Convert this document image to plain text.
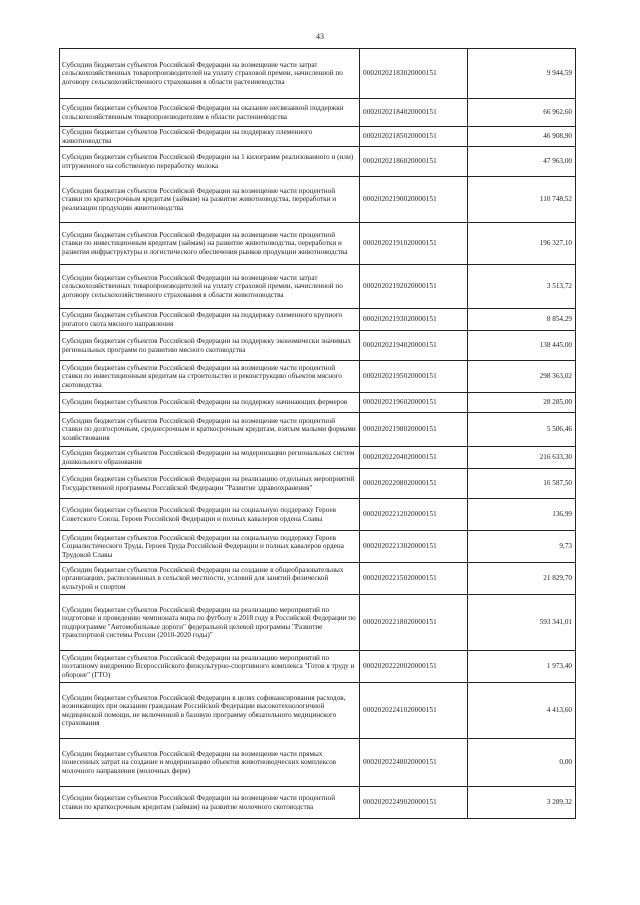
43
Субсидии бюджетам субъектов Российской Федерации на возмещение части затрат сельскохозяйственных товаропроизводителей на уплату страховой премии, начисленной по договору сельскохозяйственного страхования в области растениеводства	00020202183020000151	9 944,59
Субсидии бюджетам субъектов Российской Федерации на оказание несвязанной поддержки сельскохозяйственным товаропроизводителям в области растениеводства	00020202184020000151	66 962,60
Субсидии бюджетам субъектов Российской Федерации на поддержку племенного животноводства	00020202185020000151	46 908,90
Субсидии бюджетам субъектов Российской Федерации на 1 килограмм реализованного и (или) отгруженного на собственную переработку молока	00020202186020000151	47 963,00
Субсидии бюджетам субъектов Российской Федерации на возмещение части процентной ставки по краткосрочным кредитам (займам) на развитие животноводства, переработки и реализации продукции животноводства	00020202190020000151	110 748,52
Субсидии бюджетам субъектов Российской Федерации на возмещение части процентной ставки по инвестиционным кредитам (займам) на развитие животноводства, переработки и развития инфраструктуры и логистического обеспечения рынков продукции животноводства	00020202191020000151	196 327,10
Субсидии бюджетам субъектов Российской Федерации на возмещение части затрат сельскохозяйственных товаропроизводителей на уплату страховой премии, начисленной по договору сельскохозяйственного страхования в области животноводства	00020202192020000151	3 513,72
Субсидии бюджетам субъектов Российской Федерации на поддержку племенного крупного рогатого скота мясного направления	00020202193020000151	8 854,29
Субсидии бюджетам субъектов Российской Федерации на поддержку экономически значимых региональных программ по развитию мясного скотоводства	00020202194020000151	138 445,00
Субсидии бюджетам субъектов Российской Федерации на возмещение части процентной ставки по инвестиционным кредитам на строительство и реконструкцию объектов мясного скотоводства	00020202195020000151	298 363,02
Субсидии бюджетам субъектов Российской Федерации на поддержку начинающих фермеров	00020202196020000151	28 285,00
Субсидии бюджетам субъектов Российской Федерации на возмещение части процентной ставки по долгосрочным, среднесрочным и краткосрочным кредитам, взятым малыми формами хозяйствования	00020202198020000151	5 506,46
Субсидии бюджетам субъектов Российской Федерации на модернизацию региональных систем дошкольного образования	00020202204020000151	216 633,30
Субсидии бюджетам субъектов Российской Федерации на реализацию отдельных мероприятий Государственной программы Российской Федерации "Развитие здравоохранения"	00020202208020000151	16 587,50
Субсидии бюджетам субъектов Российской Федерации на социальную поддержку Героев Советского Союза, Героев Российской Федерации и полных кавалеров ордена Славы	00020202212020000151	136,99
Субсидии бюджетам субъектов Российской Федерации на социальную поддержку Героев Социалистического Труда, Героев Труда Российской Федерации и полных кавалеров ордена Трудовой Славы	00020202213020000151	9,73
Субсидии бюджетам субъектов Российской Федерации на создание в общеобразовательных организациях, расположенных в сельской местности, условий для занятий физической культурой и спортом	00020202215020000151	21 829,70
Субсидии бюджетам субъектов Российской Федерации на реализацию мероприятий по подготовке и проведению чемпионата мира по футболу в 2018 году в Российской Федерации по подпрограмме "Автомобильные дороги" федеральной целевой программы "Развитие транспортной системы России (2010-2020 годы)"	00020202218020000151	593 341,01
Субсидии бюджетам субъектов Российской Федерации на реализацию мероприятий по поэтапному внедрению Всероссийского физкультурно-спортивного комплекса "Готов к труду и обороне" (ГТО)	00020202220020000151	1 973,40
Субсидии бюджетам субъектов Российской Федерации в целях софинансирования расходов, возникающих при оказании гражданам Российской Федерации высокотехнологичной медицинской помощи, не включенной в базовую программу обязательного медицинского страхования	00020202241020000151	4 413,60
Субсидии бюджетам субъектов Российской Федерации на возмещение части прямых понесенных затрат на создание и модернизацию объектов животноводческих комплексов молочного направления (молочных ферм)	00020202248020000151	0,00
Субсидии бюджетам субъектов Российской Федерации на возмещение части процентной ставки по краткосрочным кредитам (займам) на развитие молочного скотоводства	00020202249020000151	3 289,32
